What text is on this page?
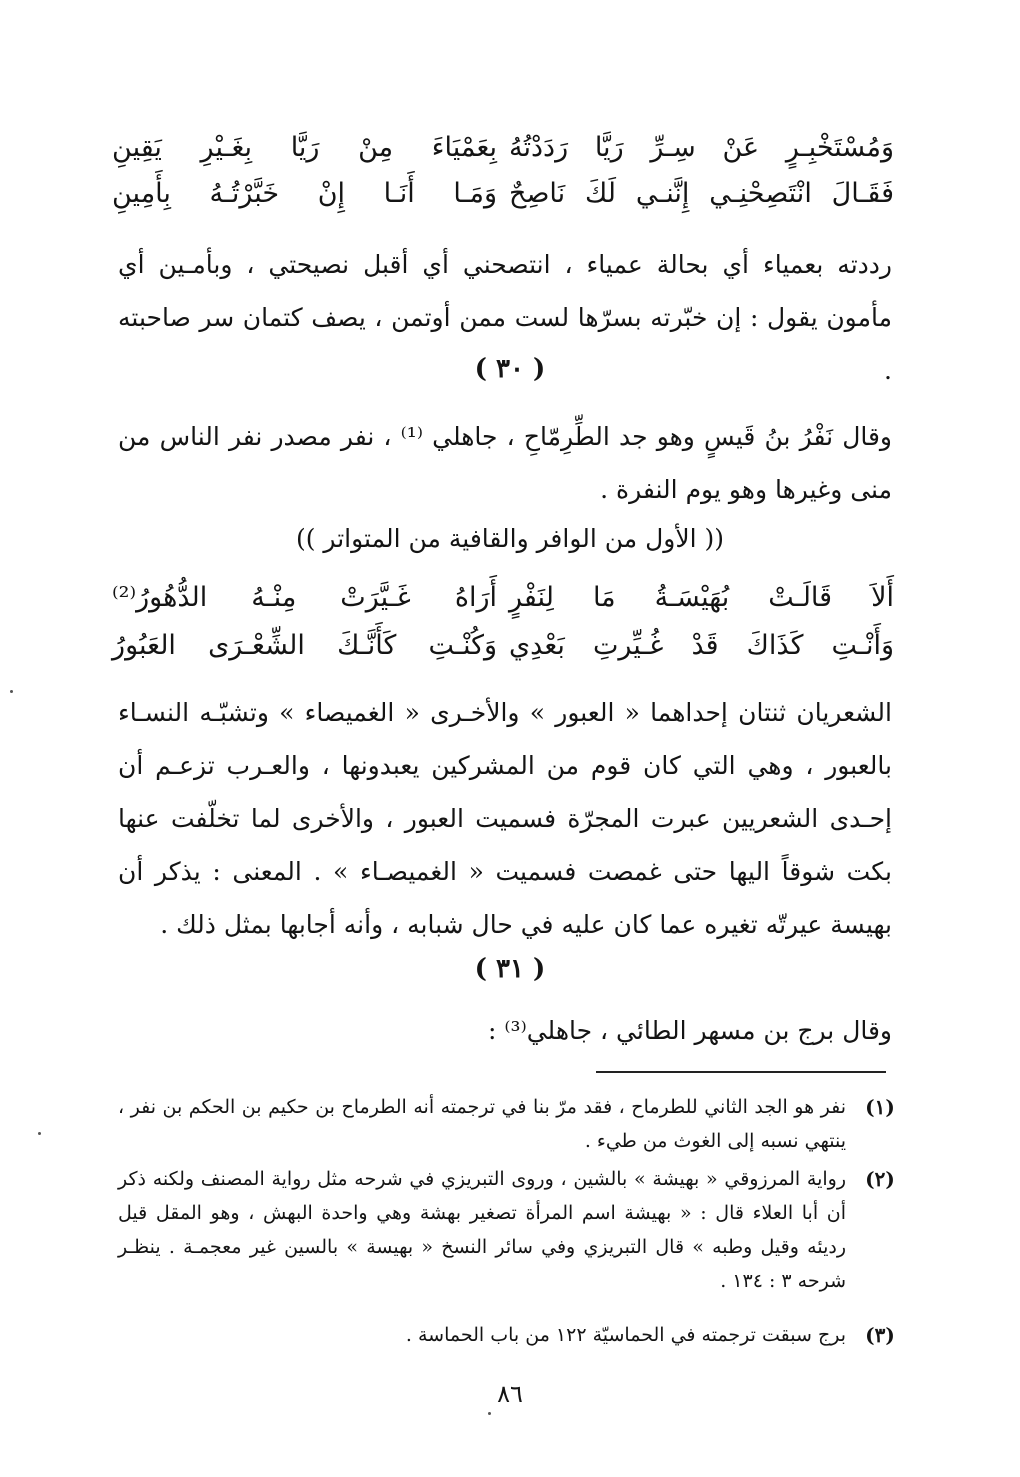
وَمُسْتَخْبِـرٍ
عَنْ
سِـرِّ
رَيَّا
رَدَدْتُهُ
بِعَمْيَاءَ
مِنْ
رَيَّا
بِغَـيْرِ
يَقِينِ
فَقَـالَ
انْتَصِحْنِـي
إِنَّنـي
لَكَ
نَاصِحٌ
وَمَـا
أَنَـا
إِنْ
خَبَّرْتُـهُ
بِأَمِينِ
رددته بعمياء أي بحالة عمياء ، انتصحني أي أقبل نصيحتي ، وبأمـين أي مأمون يقول : إن خبّرته بسرّها لست ممن أوتمن ، يصف كتمان سر صاحبته .
( ٣٠ )
وقال نَفْرُ بنُ قَيسٍ وهو جد الطِّرِمّاحِ ، جاهلي ⁽¹⁾ ، نفر مصدر نفر الناس من منى وغيرها وهو يوم النفرة .
(( الأول من الوافر والقافية من المتواتر ))
أَلاَ
قَالَـتْ
بُهَيْسَـةُ
مَا
لِنَفْرٍ
أَرَاهُ
غَـيَّرَتْ
مِنْـهُ
الدُّهُورُ⁽²⁾
وَأَنْـتِ
كَذَاكَ
قَدْ
غُـيِّرتِ
بَعْدِي
وَكُنْـتِ
كَأَنَّـكَ
الشِّعْـرَى
العَبُورُ
الشعريان ثنتان إحداهما « العبور » والأخـرى « الغميصاء » وتشبّـه النسـاء بالعبور ، وهي التي كان قوم من المشركين يعبدونها ، والعـرب تزعـم أن إحـدى الشعريين عبرت المجرّة فسميت العبور ، والأخرى لما تخلّفت عنها بكت شوقاً اليها حتى غمصت فسميت « الغميصـاء » . المعنى : يذكر أن بهيسة عيرتّه تغيره عما كان عليه في حال شبابه ، وأنه أجابها بمثل ذلك .
( ٣١ )
وقال برج بن مسهر الطائي ، جاهلي⁽³⁾ :
(١)
نفر هو الجد الثاني للطرماح ، فقد مرّ بنا في ترجمته أنه الطرماح بن حكيم بن الحكم بن نفر ، ينتهي نسبه إلى الغوث من طيء .
(٢)
رواية المرزوقي « بهيشة » بالشين ، وروى التبريزي في شرحه مثل رواية المصنف ولكنه ذكر أن أبا العلاء قال : « بهيشة اسم المرأة تصغير بهشة وهي واحدة البهش ، وهو المقل قيل رديئه وقيل وطبه » قال التبريزي وفي سائر النسخ « بهيسة » بالسين غير معجمـة . ينظـر شرحه ٣ : ١٣٤ .
(٣)
برج سبقت ترجمته في الحماسيّة ١٢٢ من باب الحماسة .
٨٦
